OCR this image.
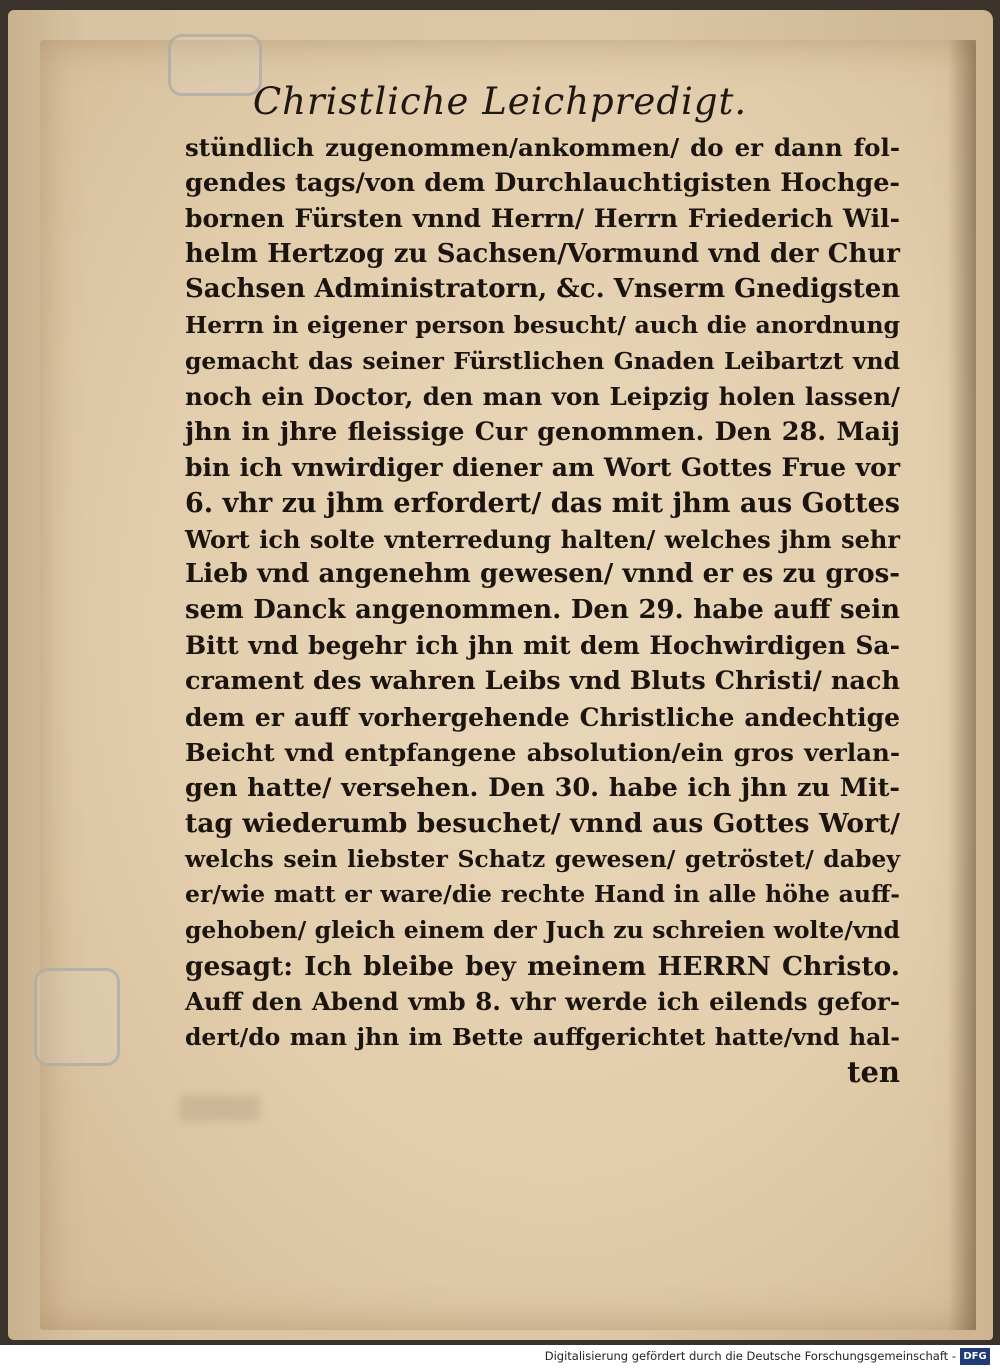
Christliche Leichpredigt.
stündlich zugenommen/ankommen/ do er dann fol-
gendes tags/von dem Durchlauchtigisten Hochge-
bornen Fürsten vnnd Herrn/ Herrn Friederich Wil-
helm Hertzog zu Sachsen/Vormund vnd der Chur
Sachsen Administratorn, &c. Vnserm Gnedigsten
Herrn in eigener person besucht/ auch die anordnung
gemacht das seiner Fürstlichen Gnaden Leibartzt vnd
noch ein Doctor, den man von Leipzig holen lassen/
jhn in jhre fleissige Cur genommen. Den 28. Maij
bin ich vnwirdiger diener am Wort Gottes Frue vor
6. vhr zu jhm erfordert/ das mit jhm aus Gottes
Wort ich solte vnterredung halten/ welches jhm sehr
Lieb vnd angenehm gewesen/ vnnd er es zu gros-
sem Danck angenommen. Den 29. habe auff sein
Bitt vnd begehr ich jhn mit dem Hochwirdigen Sa-
crament des wahren Leibs vnd Bluts Christi/ nach
dem er auff vorhergehende Christliche andechtige
Beicht vnd entpfangene absolution/ein gros verlan-
gen hatte/ versehen. Den 30. habe ich jhn zu Mit-
tag wiederumb besuchet/ vnnd aus Gottes Wort/
welchs sein liebster Schatz gewesen/ getröstet/ dabey
er/wie matt er ware/die rechte Hand in alle höhe auff-
gehoben/ gleich einem der Juch zu schreien wolte/vnd
gesagt: Ich bleibe bey meinem HERRN Christo.
Auff den Abend vmb 8. vhr werde ich eilends gefor-
dert/do man jhn im Bette auffgerichtet hatte/vnd hal-
ten
Digitalisierung gefördert durch die Deutsche Forschungsgemeinschaft - DFG
